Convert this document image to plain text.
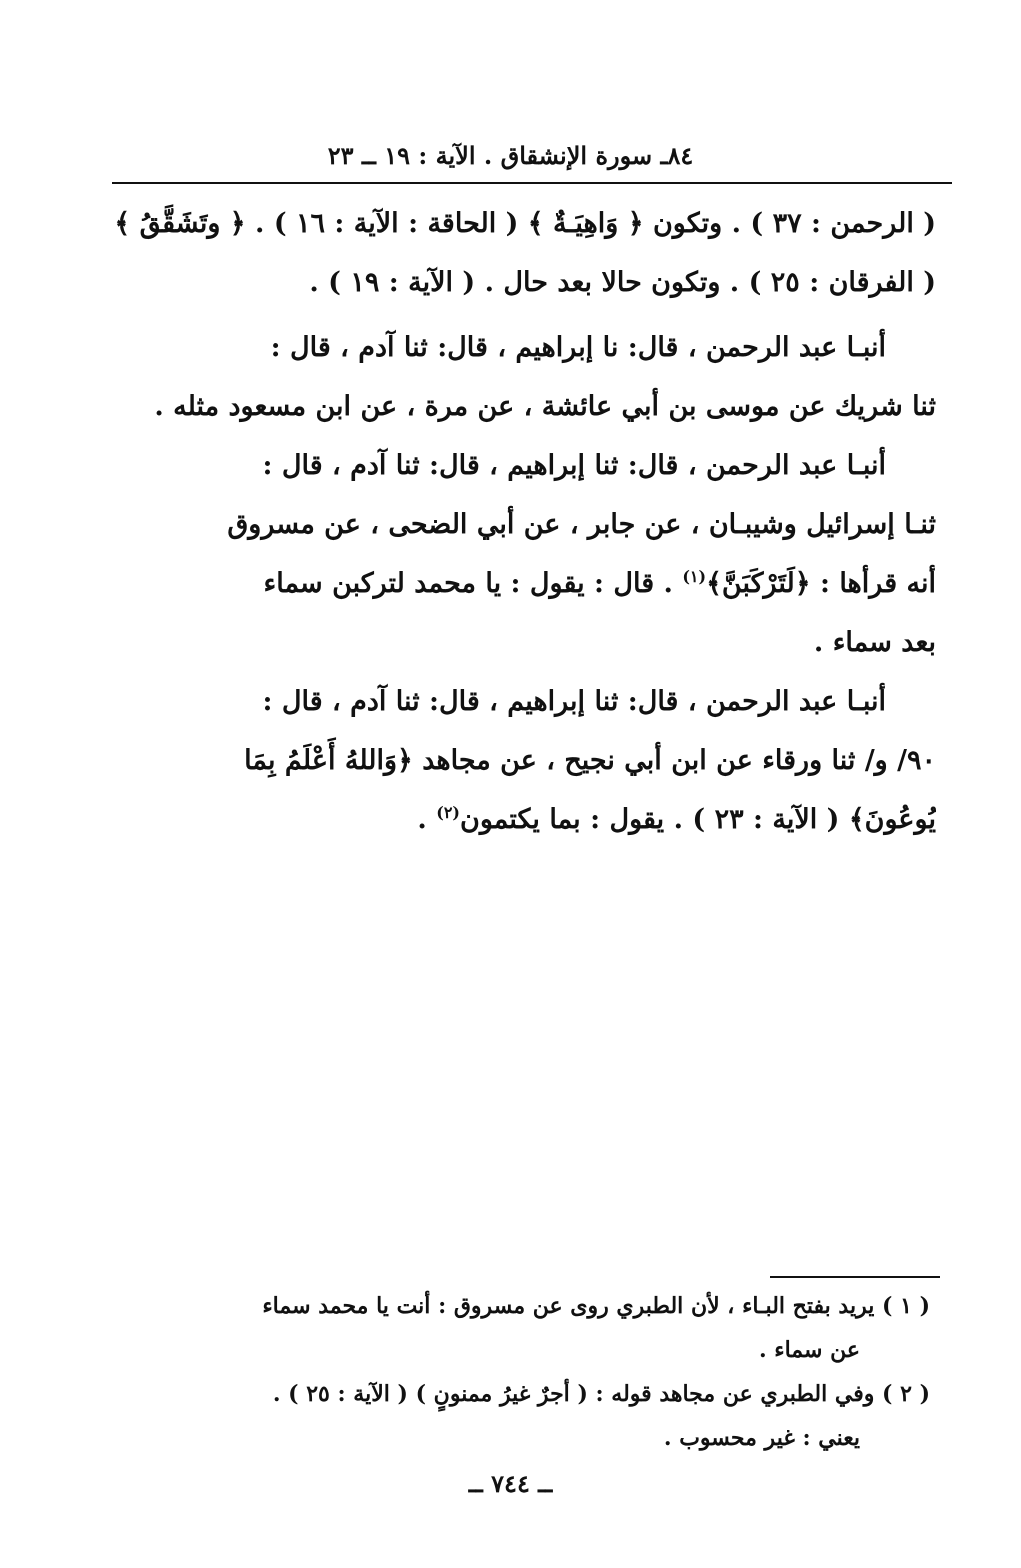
٨٤ـ سورة الإنشقاق . الآية : ١٩ ــ ٢٣
( الرحمن : ٣٧ ) . وتكون ﴿ وَاهِيَـةٌ ﴾ ( الحاقة : الآية : ١٦ ) . ﴿ وتَشَقَّقُ ﴾
( الفرقان : ٢٥ ) . وتكون حالا بعد حال . ( الآية : ١٩ ) .
أنبـا عبد الرحمن ، قال: نا إبراهيم ، قال: ثنا آدم ، قال :
ثنا شريك عن موسى بن أبي عائشة ، عن مرة ، عن ابن مسعود مثله .
أنبـا عبد الرحمن ، قال: ثنا إبراهيم ، قال: ثنا آدم ، قال :
ثنـا إسرائيل وشيبـان ، عن جابر ، عن أبي الضحى ، عن مسروق
أنه قرأها : ﴿لَتَرْكَبَنَّ﴾$^{(١)}$ . قال : يقول : يا محمد لتركبن سماء
بعد سماء .
أنبـا عبد الرحمن ، قال: ثنا إبراهيم ، قال: ثنا آدم ، قال :
٩٠/ و/ ثنا ورقاء عن ابن أبي نجيح ، عن مجاهد ﴿وَاللهُ أَعْلَمُ بِمَا
يُوعُونَ﴾ ( الآية : ٢٣ ) . يقول : بما يكتمون$^{(٢)}$ .
( ١ ) يريد بفتح البـاء ، لأن الطبري روى عن مسروق : أنت يا محمد سماء
عن سماء .
( ٢ ) وفي الطبري عن مجاهد قوله : ( أجرٌ غيرُ ممنونٍ ) ( الآية : ٢٥ ) .
يعني : غير محسوب .
ــ ٧٤٤ ــ
